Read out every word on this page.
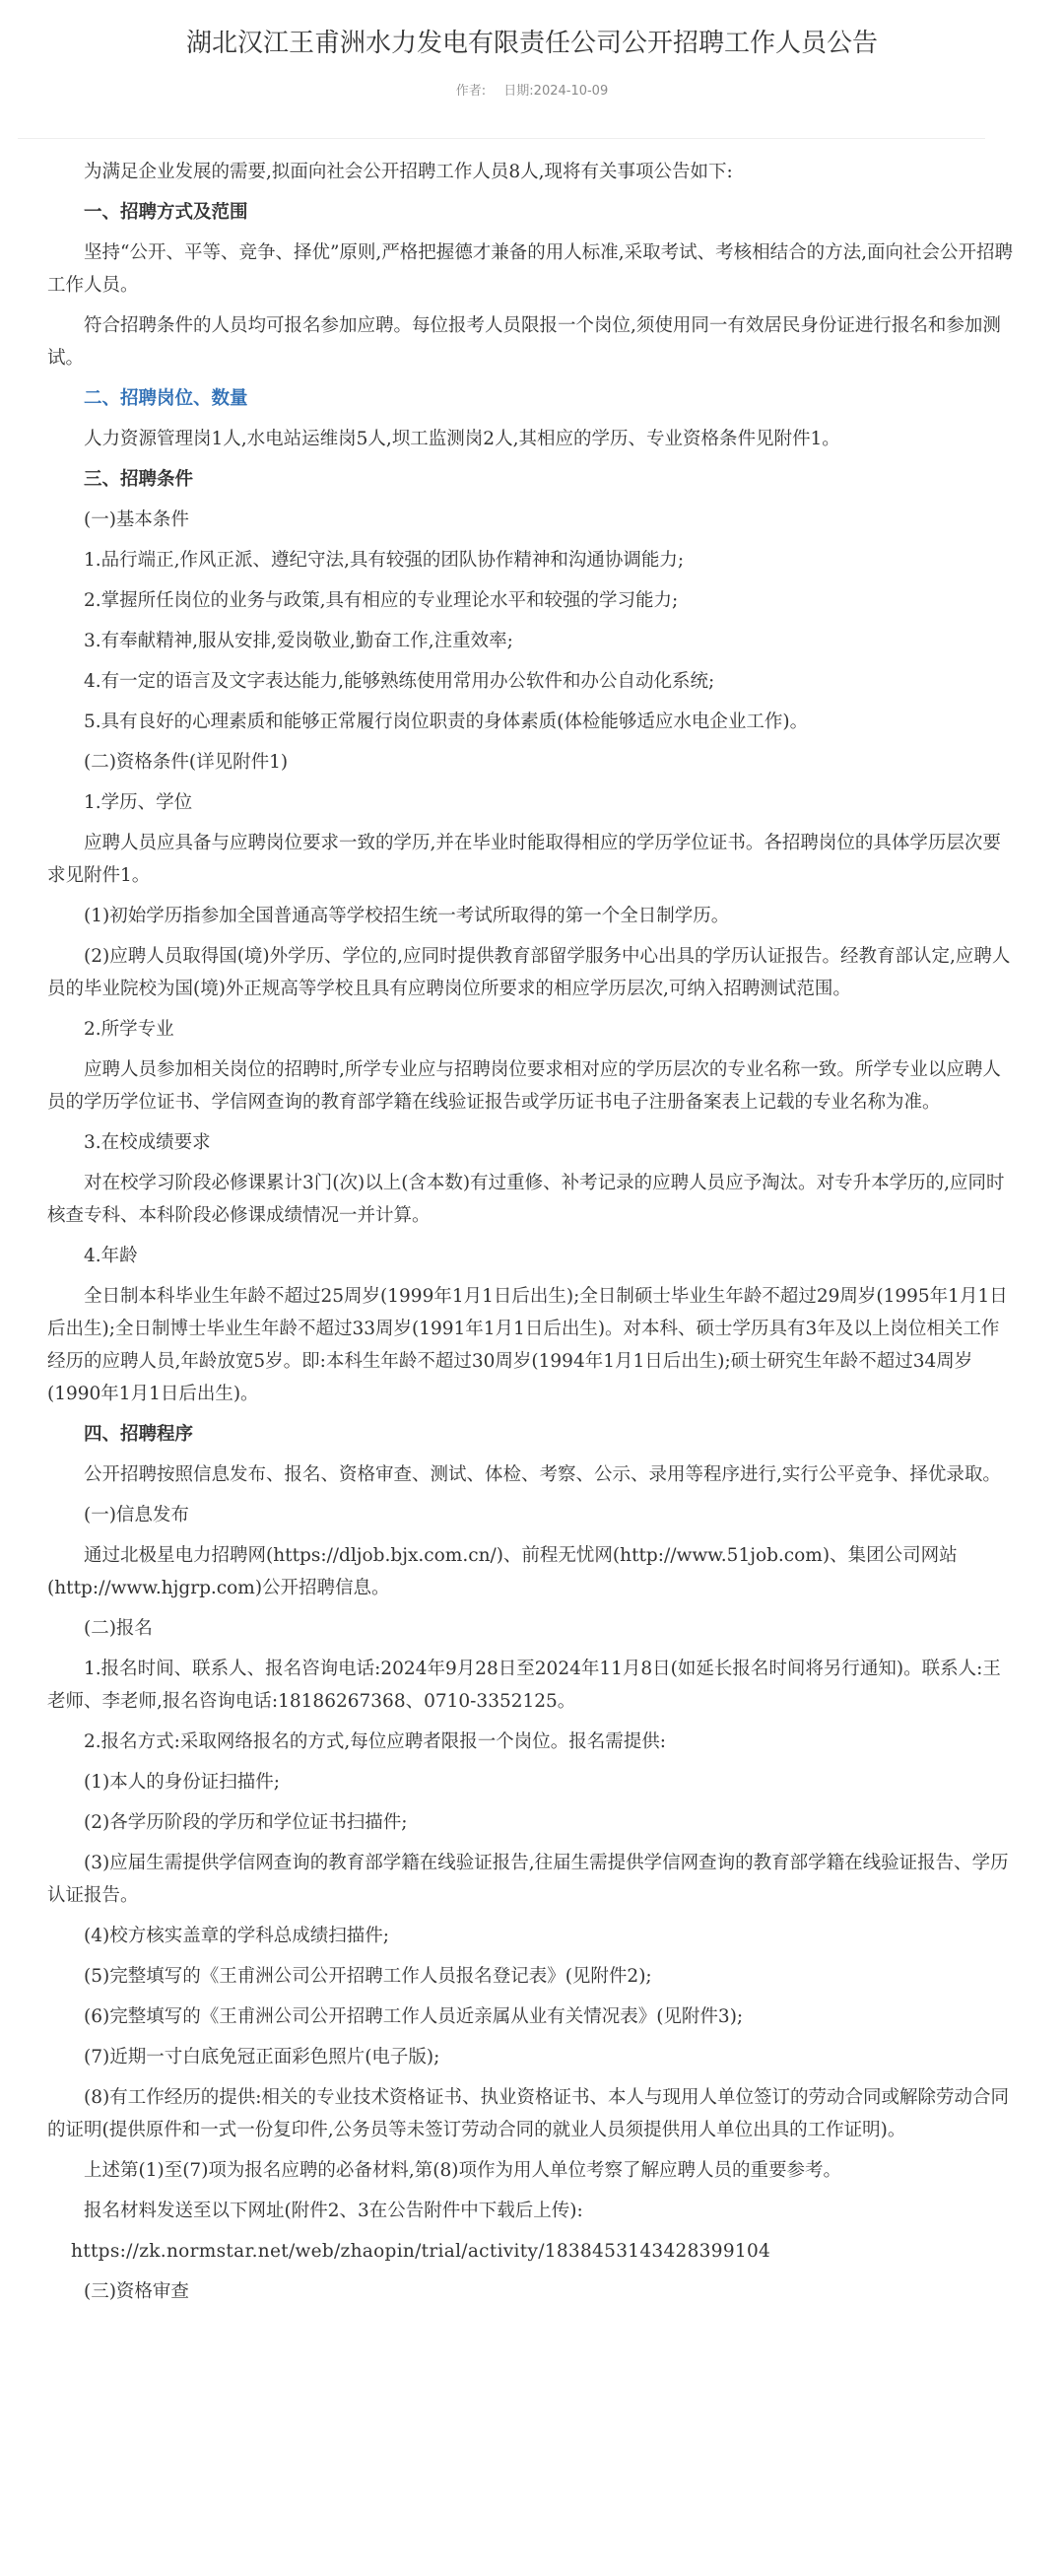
湖北汉江王甫洲水力发电有限责任公司公开招聘工作人员公告
作者: 日期:2024-10-09

为满足企业发展的需要,拟面向社会公开招聘工作人员8人,现将有关事项公告如下:

一、招聘方式及范围

坚持“公开、平等、竞争、择优”原则,严格把握德才兼备的用人标准,采取考试、考核相结合的方法,面向社会公开招聘工作人员。

符合招聘条件的人员均可报名参加应聘。每位报考人员限报一个岗位,须使用同一有效居民身份证进行报名和参加测试。

二、招聘岗位、数量

人力资源管理岗1人,水电站运维岗5人,坝工监测岗2人,其相应的学历、专业资格条件见附件1。

三、招聘条件

(一)基本条件

1.品行端正,作风正派、遵纪守法,具有较强的团队协作精神和沟通协调能力;

2.掌握所任岗位的业务与政策,具有相应的专业理论水平和较强的学习能力;

3.有奉献精神,服从安排,爱岗敬业,勤奋工作,注重效率;

4.有一定的语言及文字表达能力,能够熟练使用常用办公软件和办公自动化系统;

5.具有良好的心理素质和能够正常履行岗位职责的身体素质(体检能够适应水电企业工作)。

(二)资格条件(详见附件1)

1.学历、学位

应聘人员应具备与应聘岗位要求一致的学历,并在毕业时能取得相应的学历学位证书。各招聘岗位的具体学历层次要求见附件1。

(1)初始学历指参加全国普通高等学校招生统一考试所取得的第一个全日制学历。

(2)应聘人员取得国(境)外学历、学位的,应同时提供教育部留学服务中心出具的学历认证报告。经教育部认定,应聘人员的毕业院校为国(境)外正规高等学校且具有应聘岗位所要求的相应学历层次,可纳入招聘测试范围。

2.所学专业

应聘人员参加相关岗位的招聘时,所学专业应与招聘岗位要求相对应的学历层次的专业名称一致。所学专业以应聘人员的学历学位证书、学信网查询的教育部学籍在线验证报告或学历证书电子注册备案表上记载的专业名称为准。

3.在校成绩要求

对在校学习阶段必修课累计3门(次)以上(含本数)有过重修、补考记录的应聘人员应予淘汰。对专升本学历的,应同时核查专科、本科阶段必修课成绩情况一并计算。

4.年龄

全日制本科毕业生年龄不超过25周岁(1999年1月1日后出生);全日制硕士毕业生年龄不超过29周岁(1995年1月1日后出生);全日制博士毕业生年龄不超过33周岁(1991年1月1日后出生)。对本科、硕士学历具有3年及以上岗位相关工作经历的应聘人员,年龄放宽5岁。即:本科生年龄不超过30周岁(1994年1月1日后出生);硕士研究生年龄不超过34周岁(1990年1月1日后出生)。

四、招聘程序

公开招聘按照信息发布、报名、资格审查、测试、体检、考察、公示、录用等程序进行,实行公平竞争、择优录取。

(一)信息发布

通过北极星电力招聘网(https://dljob.bjx.com.cn/)、前程无忧网(http://www.51job.com)、集团公司网站(http://www.hjgrp.com)公开招聘信息。

(二)报名

1.报名时间、联系人、报名咨询电话:2024年9月28日至2024年11月8日(如延长报名时间将另行通知)。联系人:王老师、李老师,报名咨询电话:18186267368、0710-3352125。

2.报名方式:采取网络报名的方式,每位应聘者限报一个岗位。报名需提供:

(1)本人的身份证扫描件;

(2)各学历阶段的学历和学位证书扫描件;

(3)应届生需提供学信网查询的教育部学籍在线验证报告,往届生需提供学信网查询的教育部学籍在线验证报告、学历认证报告。

(4)校方核实盖章的学科总成绩扫描件;

(5)完整填写的《王甫洲公司公开招聘工作人员报名登记表》(见附件2);

(6)完整填写的《王甫洲公司公开招聘工作人员近亲属从业有关情况表》(见附件3);

(7)近期一寸白底免冠正面彩色照片(电子版);

(8)有工作经历的提供:相关的专业技术资格证书、执业资格证书、本人与现用人单位签订的劳动合同或解除劳动合同的证明(提供原件和一式一份复印件,公务员等未签订劳动合同的就业人员须提供用人单位出具的工作证明)。

上述第(1)至(7)项为报名应聘的必备材料,第(8)项作为用人单位考察了解应聘人员的重要参考。

报名材料发送至以下网址(附件2、3在公告附件中下载后上传):

https://zk.normstar.net/web/zhaopin/trial/activity/1838453143428399104

(三)资格审查
